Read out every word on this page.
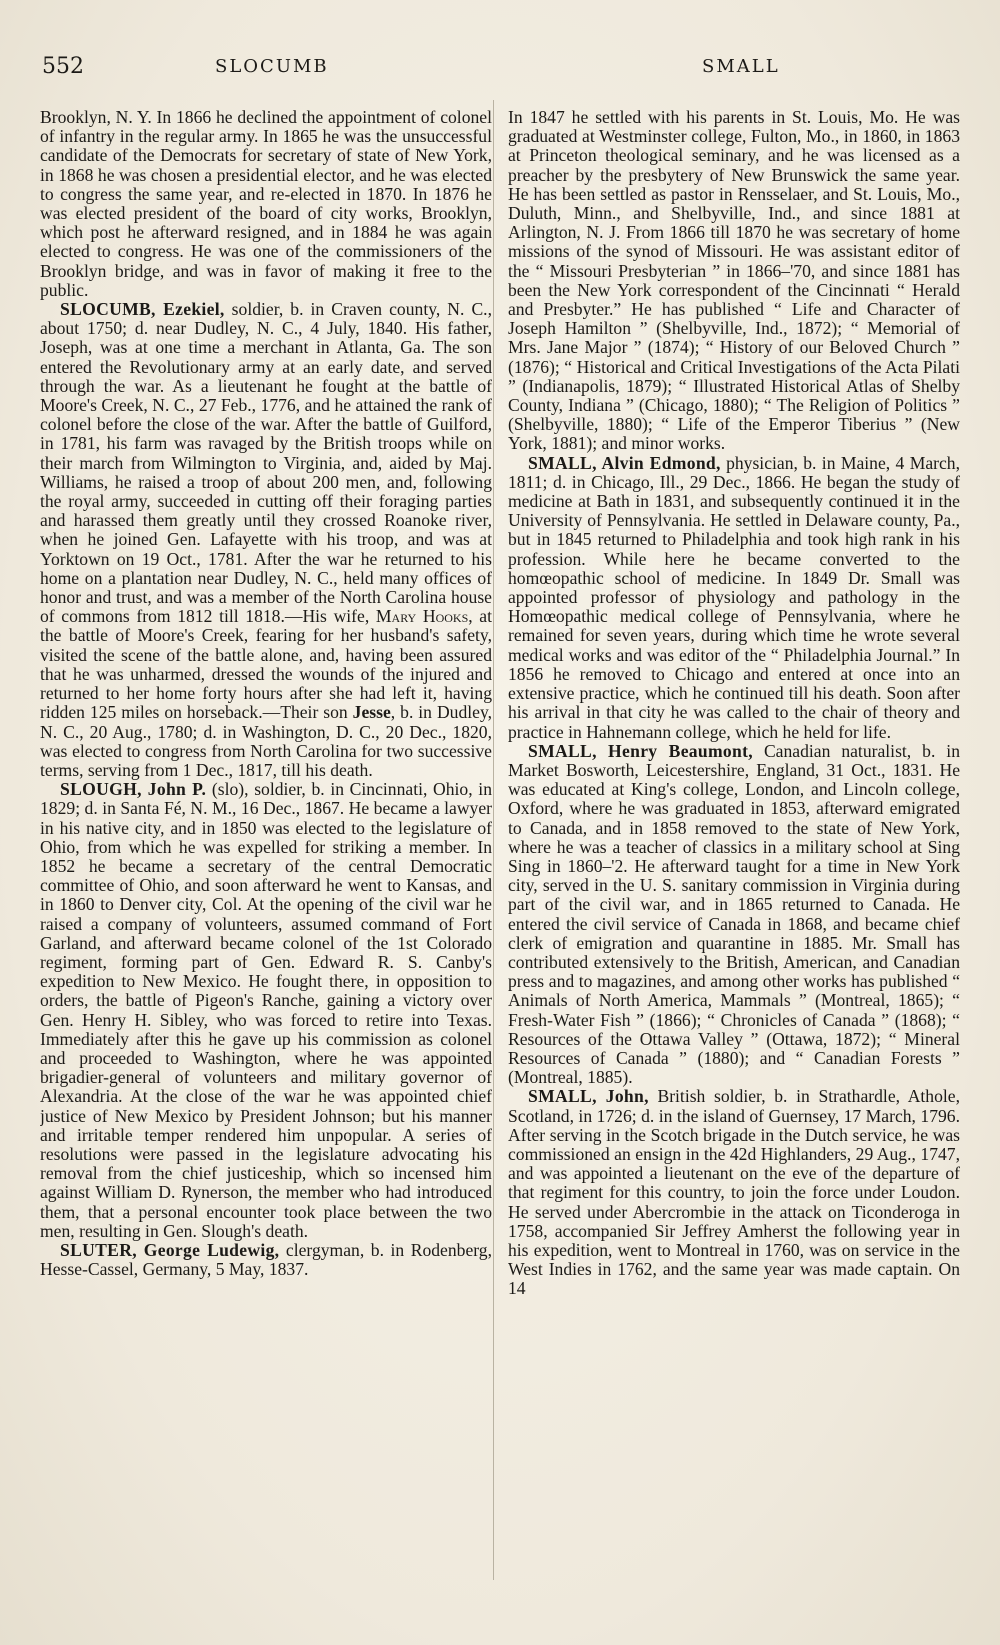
552	SLOCUMB	SMALL

Brooklyn, N. Y. In 1866 he declined the appointment of colonel of infantry in the regular army. In 1865 he was the unsuccessful candidate of the Democrats for secretary of state of New York, in 1868 he was chosen a presidential elector, and he was elected to congress the same year, and re-elected in 1870. In 1876 he was elected president of the board of city works, Brooklyn, which post he afterward resigned, and in 1884 he was again elected to congress. He was one of the commissioners of the Brooklyn bridge, and was in favor of making it free to the public.

SLOCUMB, Ezekiel, soldier, b. in Craven county, N. C., about 1750; d. near Dudley, N. C., 4 July, 1840. His father, Joseph, was at one time a merchant in Atlanta, Ga. The son entered the Revolutionary army at an early date, and served through the war. As a lieutenant he fought at the battle of Moore's Creek, N. C., 27 Feb., 1776, and he attained the rank of colonel before the close of the war. After the battle of Guilford, in 1781, his farm was ravaged by the British troops while on their march from Wilmington to Virginia, and, aided by Maj. Williams, he raised a troop of about 200 men, and, following the royal army, succeeded in cutting off their foraging parties and harassed them greatly until they crossed Roanoke river, when he joined Gen. Lafayette with his troop, and was at Yorktown on 19 Oct., 1781. After the war he returned to his home on a plantation near Dudley, N. C., held many offices of honor and trust, and was a member of the North Carolina house of commons from 1812 till 1818.—His wife, Mary Hooks, at the battle of Moore's Creek, fearing for her husband's safety, visited the scene of the battle alone, and, having been assured that he was unharmed, dressed the wounds of the injured and returned to her home forty hours after she had left it, having ridden 125 miles on horseback.—Their son Jesse, b. in Dudley, N. C., 20 Aug., 1780; d. in Washington, D. C., 20 Dec., 1820, was elected to congress from North Carolina for two successive terms, serving from 1 Dec., 1817, till his death.

SLOUGH, John P. (slo), soldier, b. in Cincinnati, Ohio, in 1829; d. in Santa Fé, N. M., 16 Dec., 1867. He became a lawyer in his native city, and in 1850 was elected to the legislature of Ohio, from which he was expelled for striking a member. In 1852 he became a secretary of the central Democratic committee of Ohio, and soon afterward he went to Kansas, and in 1860 to Denver city, Col. At the opening of the civil war he raised a company of volunteers, assumed command of Fort Garland, and afterward became colonel of the 1st Colorado regiment, forming part of Gen. Edward R. S. Canby's expedition to New Mexico. He fought there, in opposition to orders, the battle of Pigeon's Ranche, gaining a victory over Gen. Henry H. Sibley, who was forced to retire into Texas. Immediately after this he gave up his commission as colonel and proceeded to Washington, where he was appointed brigadier-general of volunteers and military governor of Alexandria. At the close of the war he was appointed chief justice of New Mexico by President Johnson; but his manner and irritable temper rendered him unpopular. A series of resolutions were passed in the legislature advocating his removal from the chief justiceship, which so incensed him against William D. Rynerson, the member who had introduced them, that a personal encounter took place between the two men, resulting in Gen. Slough's death.

SLUTER, George Ludewig, clergyman, b. in Rodenberg, Hesse-Cassel, Germany, 5 May, 1837.

In 1847 he settled with his parents in St. Louis, Mo. He was graduated at Westminster college, Fulton, Mo., in 1860, in 1863 at Princeton theological seminary, and he was licensed as a preacher by the presbytery of New Brunswick the same year. He has been settled as pastor in Rensselaer, and St. Louis, Mo., Duluth, Minn., and Shelbyville, Ind., and since 1881 at Arlington, N. J. From 1866 till 1870 he was secretary of home missions of the synod of Missouri. He was assistant editor of the “ Missouri Presbyterian ” in 1866–'70, and since 1881 has been the New York correspondent of the Cincinnati “ Herald and Presbyter.” He has published “ Life and Character of Joseph Hamilton ” (Shelbyville, Ind., 1872); “ Memorial of Mrs. Jane Major ” (1874); “ History of our Beloved Church ” (1876); “ Historical and Critical Investigations of the Acta Pilati ” (Indianapolis, 1879); “ Illustrated Historical Atlas of Shelby County, Indiana ” (Chicago, 1880); “ The Religion of Politics ” (Shelbyville, 1880); “ Life of the Emperor Tiberius ” (New York, 1881); and minor works.

SMALL, Alvin Edmond, physician, b. in Maine, 4 March, 1811; d. in Chicago, Ill., 29 Dec., 1866. He began the study of medicine at Bath in 1831, and subsequently continued it in the University of Pennsylvania. He settled in Delaware county, Pa., but in 1845 returned to Philadelphia and took high rank in his profession. While here he became converted to the homœopathic school of medicine. In 1849 Dr. Small was appointed professor of physiology and pathology in the Homœopathic medical college of Pennsylvania, where he remained for seven years, during which time he wrote several medical works and was editor of the “ Philadelphia Journal.” In 1856 he removed to Chicago and entered at once into an extensive practice, which he continued till his death. Soon after his arrival in that city he was called to the chair of theory and practice in Hahnemann college, which he held for life.

SMALL, Henry Beaumont, Canadian naturalist, b. in Market Bosworth, Leicestershire, England, 31 Oct., 1831. He was educated at King's college, London, and Lincoln college, Oxford, where he was graduated in 1853, afterward emigrated to Canada, and in 1858 removed to the state of New York, where he was a teacher of classics in a military school at Sing Sing in 1860–'2. He afterward taught for a time in New York city, served in the U. S. sanitary commission in Virginia during part of the civil war, and in 1865 returned to Canada. He entered the civil service of Canada in 1868, and became chief clerk of emigration and quarantine in 1885. Mr. Small has contributed extensively to the British, American, and Canadian press and to magazines, and among other works has published “ Animals of North America, Mammals ” (Montreal, 1865); “ Fresh-Water Fish ” (1866); “ Chronicles of Canada ” (1868); “ Resources of the Ottawa Valley ” (Ottawa, 1872); “ Mineral Resources of Canada ” (1880); and “ Canadian Forests ” (Montreal, 1885).

SMALL, John, British soldier, b. in Strathardle, Athole, Scotland, in 1726; d. in the island of Guernsey, 17 March, 1796. After serving in the Scotch brigade in the Dutch service, he was commissioned an ensign in the 42d Highlanders, 29 Aug., 1747, and was appointed a lieutenant on the eve of the departure of that regiment for this country, to join the force under Loudon. He served under Abercrombie in the attack on Ticonderoga in 1758, accompanied Sir Jeffrey Amherst the following year in his expedition, went to Montreal in 1760, was on service in the West Indies in 1762, and the same year was made captain. On 14
